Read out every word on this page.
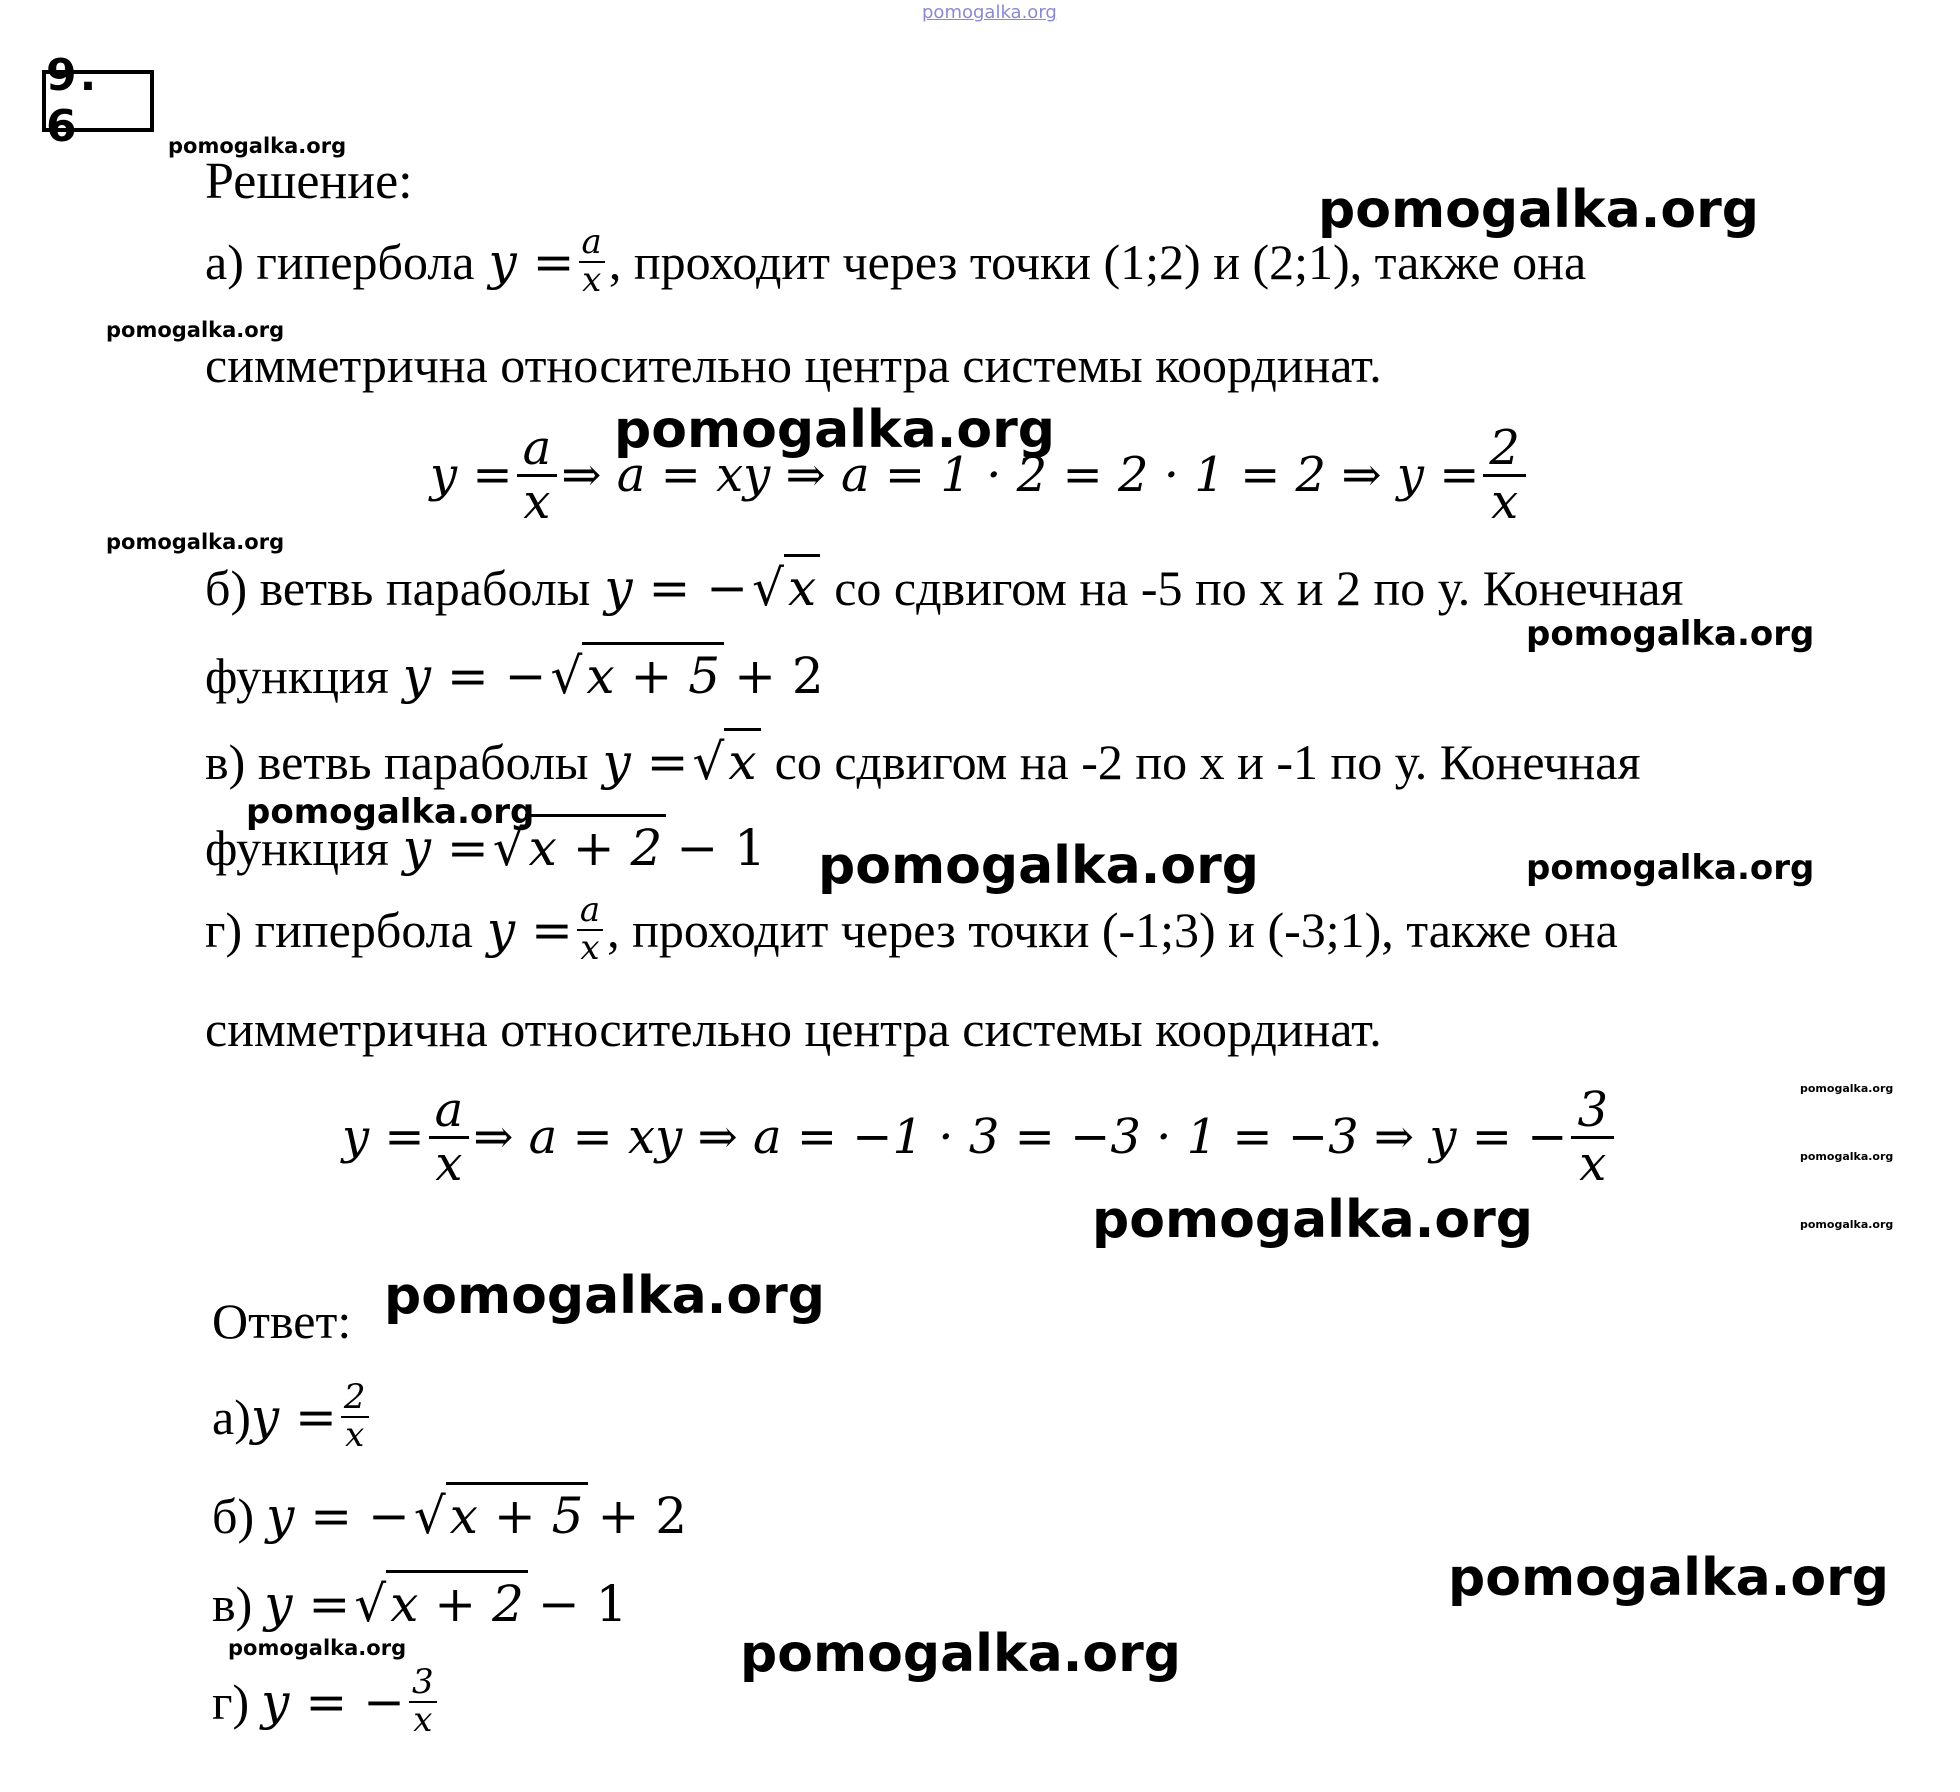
pomogalka.org
9. 6	pomogalka.org
Решение:	pomogalka.org
а) гипербола $y = \frac{a}{x}$ , проходит через точки (1;2) и (2;1), также она
pomogalka.org
симметрична относительно центра системы координат.
$y = \frac{a}{x}$ ⇒ a = xy ⇒ a = 1 · 2 = 2 · 1 = 2 ⇒ $y = \frac{2}{x}$
pomogalka.org
pomogalka.org
б) ветвь параболы y = − √x со сдвигом на -5 по х и 2 по у. Конечная
pomogalka.org
функция y = − √x + 5 + 2
в) ветвь параболы y = √x со сдвигом на -2 по х и -1 по у. Конечная
pomogalka.org
функция y = √x + 2 − 1 pomogalka.org	pomogalka.org
г) гипербола $y = \frac{a}{x}$ , проходит через точки (-1;3) и (-3;1), также она
симметрична относительно центра системы координат.
$y = \frac{a}{x}$ ⇒ a = xy ⇒ a = −1 · 3 = −3 · 1 = −3 ⇒ y = − $\frac{3}{x}$	pomogalka.org
pomogalka.org
pomogalka.org
pomogalka.org
Ответ: pomogalka.org
а) $y = \frac{2}{x}$
б) y = − √x + 5 + 2
pomogalka.org
в) y = √x + 2 − 1
pomogalka.org	pomogalka.org
г) y = − $\frac{3}{x}$
